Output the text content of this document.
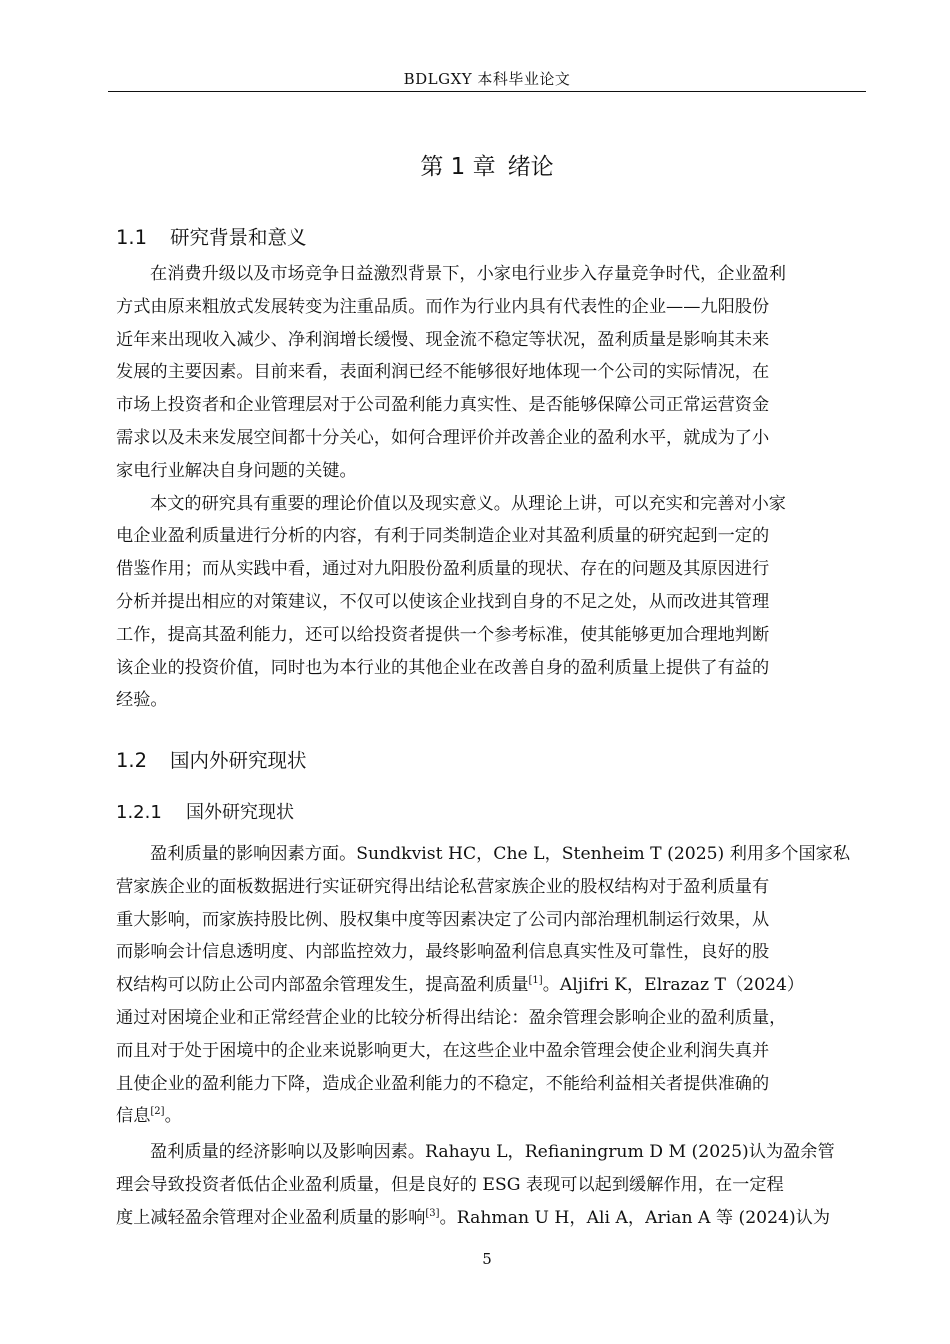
BDLGXY 本科毕业论文
第 1 章 绪论
1.1 研究背景和意义
在消费升级以及市场竞争日益激烈背景下，小家电行业步入存量竞争时代，企业盈利
方式由原来粗放式发展转变为注重品质。而作为行业内具有代表性的企业——九阳股份
近年来出现收入减少、净利润增长缓慢、现金流不稳定等状况，盈利质量是影响其未来
发展的主要因素。目前来看，表面利润已经不能够很好地体现一个公司的实际情况，在
市场上投资者和企业管理层对于公司盈利能力真实性、是否能够保障公司正常运营资金
需求以及未来发展空间都十分关心，如何合理评价并改善企业的盈利水平，就成为了小
家电行业解决自身问题的关键。
本文的研究具有重要的理论价值以及现实意义。从理论上讲，可以充实和完善对小家
电企业盈利质量进行分析的内容，有利于同类制造企业对其盈利质量的研究起到一定的
借鉴作用；而从实践中看，通过对九阳股份盈利质量的现状、存在的问题及其原因进行
分析并提出相应的对策建议，不仅可以使该企业找到自身的不足之处，从而改进其管理
工作，提高其盈利能力，还可以给投资者提供一个参考标准，使其能够更加合理地判断
该企业的投资价值，同时也为本行业的其他企业在改善自身的盈利质量上提供了有益的
经验。
1.2 国内外研究现状
1.2.1 国外研究现状
盈利质量的影响因素方面。Sundkvist HC，Che L，Stenheim T (2025) 利用多个国家私
营家族企业的面板数据进行实证研究得出结论私营家族企业的股权结构对于盈利质量有
重大影响，而家族持股比例、股权集中度等因素决定了公司内部治理机制运行效果，从
而影响会计信息透明度、内部监控效力，最终影响盈利信息真实性及可靠性，良好的股
权结构可以防止公司内部盈余管理发生，提高盈利质量[1]。Aljifri K，Elrazaz T（2024）
通过对困境企业和正常经营企业的比较分析得出结论：盈余管理会影响企业的盈利质量，
而且对于处于困境中的企业来说影响更大，在这些企业中盈余管理会使企业利润失真并
且使企业的盈利能力下降，造成企业盈利能力的不稳定，不能给利益相关者提供准确的
信息[2]。
盈利质量的经济影响以及影响因素。Rahayu L，Refianingrum D M (2025)认为盈余管
理会导致投资者低估企业盈利质量，但是良好的 ESG 表现可以起到缓解作用，在一定程
度上减轻盈余管理对企业盈利质量的影响[3]。Rahman U H，Ali A，Arian A 等 (2024)认为
5
